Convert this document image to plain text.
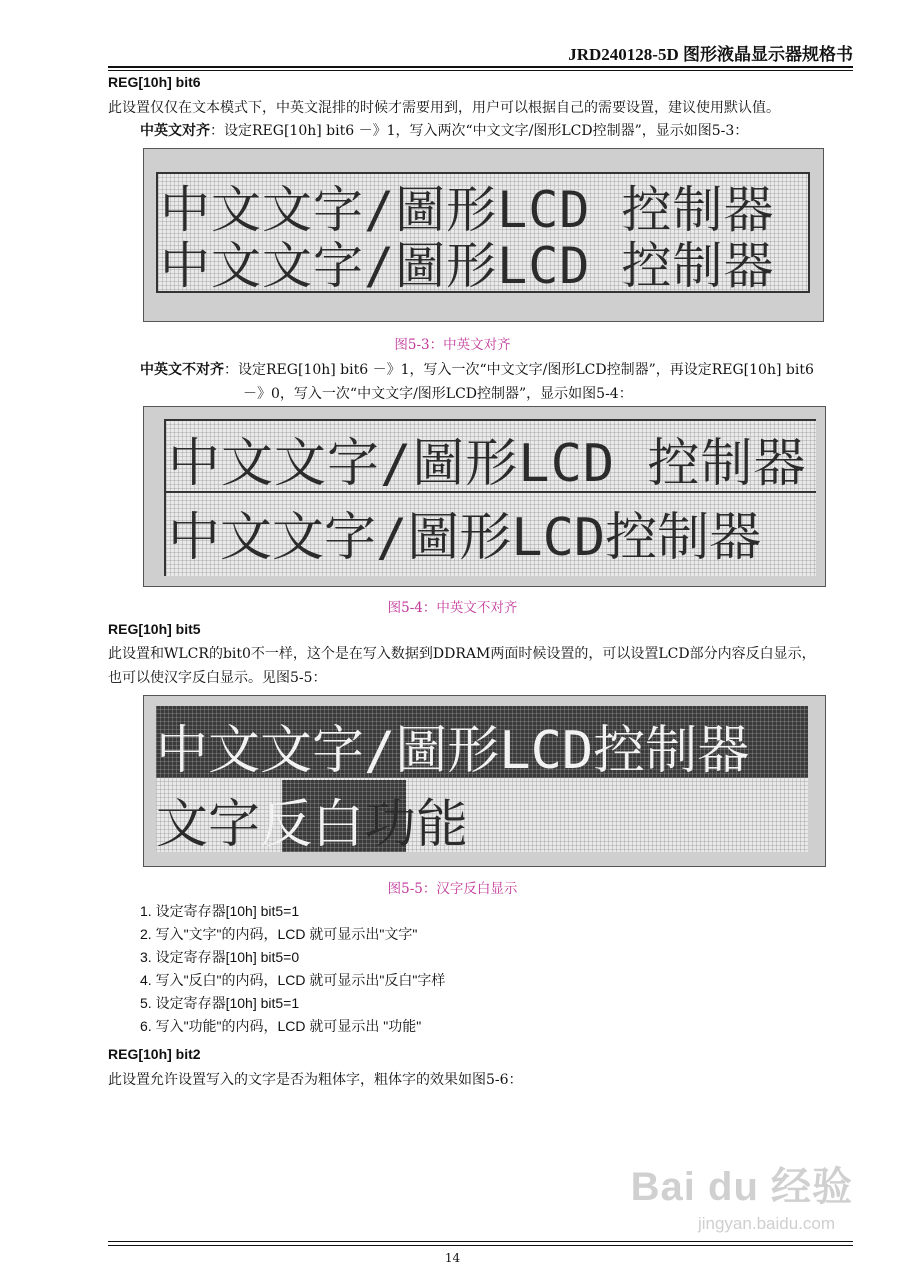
JRD240128-5D 图形液晶显示器规格书
REG[10h] bit6
此设置仅仅在文本模式下，中英文混排的时候才需要用到，用户可以根据自己的需要设置，建议使用默认值。
中英文对齐：设定REG[10h] bit6 －》1，写入两次“中文文字/图形LCD控制器”，显示如图5-3：
中文文字/圖形LCD 控制器
中文文字/圖形LCD 控制器
图5-3：中英文对齐
中英文不对齐：设定REG[10h] bit6 －》1，写入一次“中文文字/图形LCD控制器”，再设定REG[10h] bit6
－》0，写入一次“中文文字/图形LCD控制器”，显示如图5-4：
中文文字/圖形LCD 控制器
中文文字/圖形LCD控制器
图5-4：中英文不对齐
REG[10h] bit5
此设置和WLCR的bit0不一样，这个是在写入数据到DDRAM两面时候设置的，可以设置LCD部分内容反白显示，
也可以使汉字反白显示。见图5-5：
中文文字/圖形LCD控制器
文字反白功能
图5-5：汉字反白显示
1. 设定寄存器[10h] bit5=1
2. 写入"文字"的内码，LCD 就可显示出"文字"
3. 设定寄存器[10h] bit5=0
4. 写入"反白"的内码，LCD 就可显示出"反白"字样
5. 设定寄存器[10h] bit5=1
6. 写入"功能"的内码，LCD 就可显示出 "功能"
REG[10h] bit2
此设置允许设置写入的文字是否为粗体字，粗体字的效果如图5-6：
Bai du 经验
jingyan.baidu.com
14
